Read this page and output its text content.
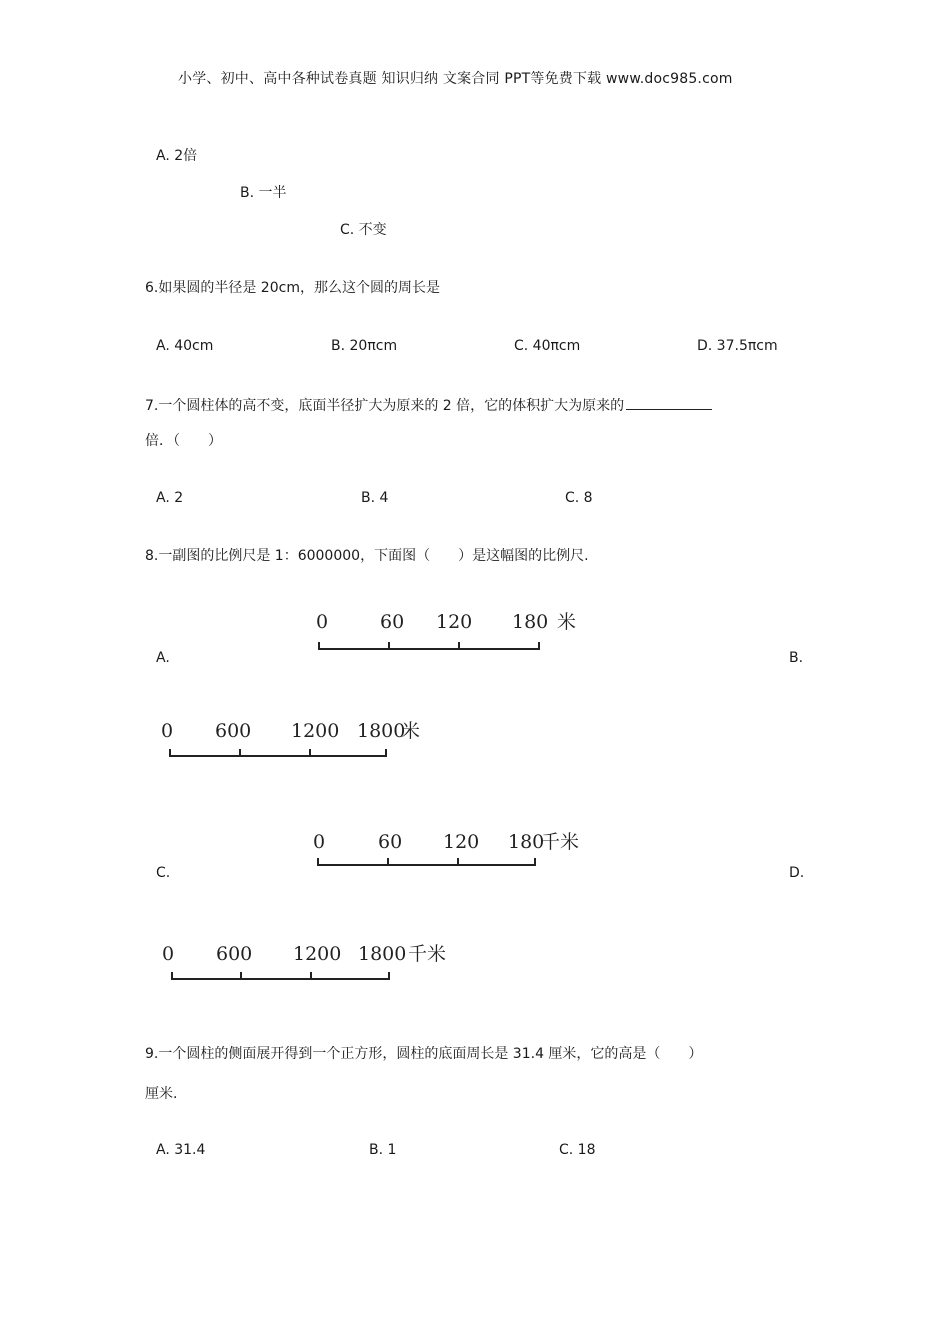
小学、初中、高中各种试卷真题 知识归纳 文案合同 PPT等免费下载 www.doc985.com
A. 2倍
B. 一半
C. 不变
6.如果圆的半径是 20cm，那么这个圆的周长是
A. 40cm	B. 20πcm	C. 40πcm	D. 37.5πcm
7.一个圆柱体的高不变，底面半径扩大为原来的 2 倍，它的体积扩大为原来的
倍．（　　）
A. 2	B. 4	C. 8
8.一副图的比例尺是 1：6000000，下面图（　　）是这幅图的比例尺.
A.	B.
C.	D.
0	60 120 180 米
0 600 1200 1800
米
0	60 120 180
千米
0 600 1200 1800 千米
9.一个圆柱的侧面展开得到一个正方形，圆柱的底面周长是 31.4 厘米，它的高是（　　）
厘米.
A. 31.4	B. 1	C. 18
